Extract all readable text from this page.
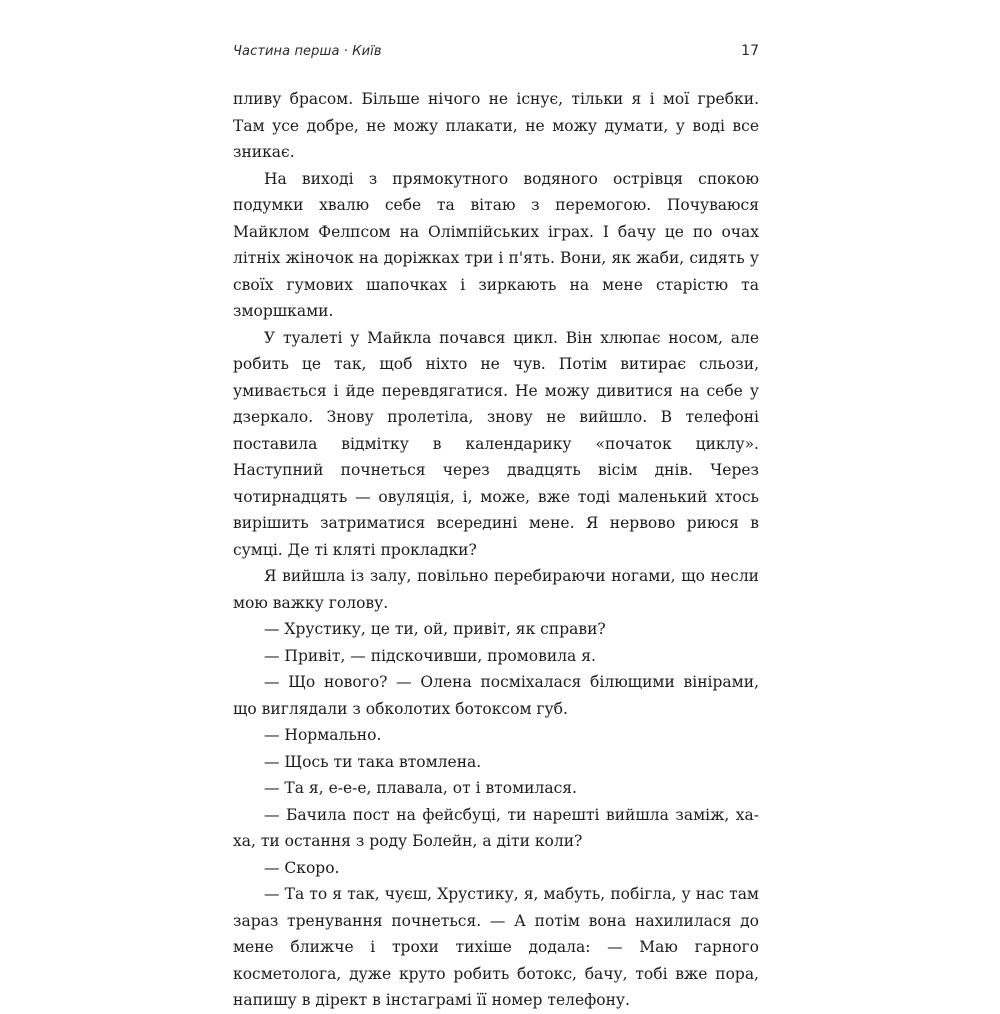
Частина перша · Київ	17

пливу брасом. Більше нічого не існує, тільки я і мої гребки. Там усе добре, не можу плакати, не можу думати, у воді все зникає.

На виході з прямокутного водяного острівця спокою подумки хвалю себе та вітаю з перемогою. Почуваюся Майклом Фелпсом на Олімпійських іграх. І бачу це по очах літніх жіночок на доріжках три і п'ять. Вони, як жаби, сидять у своїх гумових шапочках і зиркають на мене старістю та зморшками.

У туалеті у Майкла почався цикл. Він хлюпає носом, але робить це так, щоб ніхто не чув. Потім витирає сльози, умивається і йде перевдягатися. Не можу дивитися на себе у дзеркало. Знову пролетіла, знову не вийшло. В телефоні поставила відмітку в календарику «початок циклу». Наступний почнеться через двадцять вісім днів. Через чотирнадцять — овуляція, і, може, вже тоді маленький хтось вирішить затриматися всередині мене. Я нервово риюся в сумці. Де ті кляті прокладки?

Я вийшла із залу, повільно перебираючи ногами, що несли мою важку голову.

— Хрустику, це ти, ой, привіт, як справи?

— Привіт, — підскочивши, промовила я.

— Що нового? — Олена посміхалася білющими вінірами, що виглядали з обколотих ботоксом губ.

— Нормально.

— Щось ти така втомлена.

— Та я, е-е-е, плавала, от і втомилася.

— Бачила пост на фейсбуці, ти нарешті вийшла заміж, ха-ха, ти остання з роду Болейн, а діти коли?

— Скоро.

— Та то я так, чуєш, Хрустику, я, мабуть, побігла, у нас там зараз тренування почнеться. — А потім вона нахилилася до мене ближче і трохи тихіше додала: — Маю гарного косметолога, дуже круто робить ботокс, бачу, тобі вже пора, напишу в дірект в інстаграмі її номер телефону.
